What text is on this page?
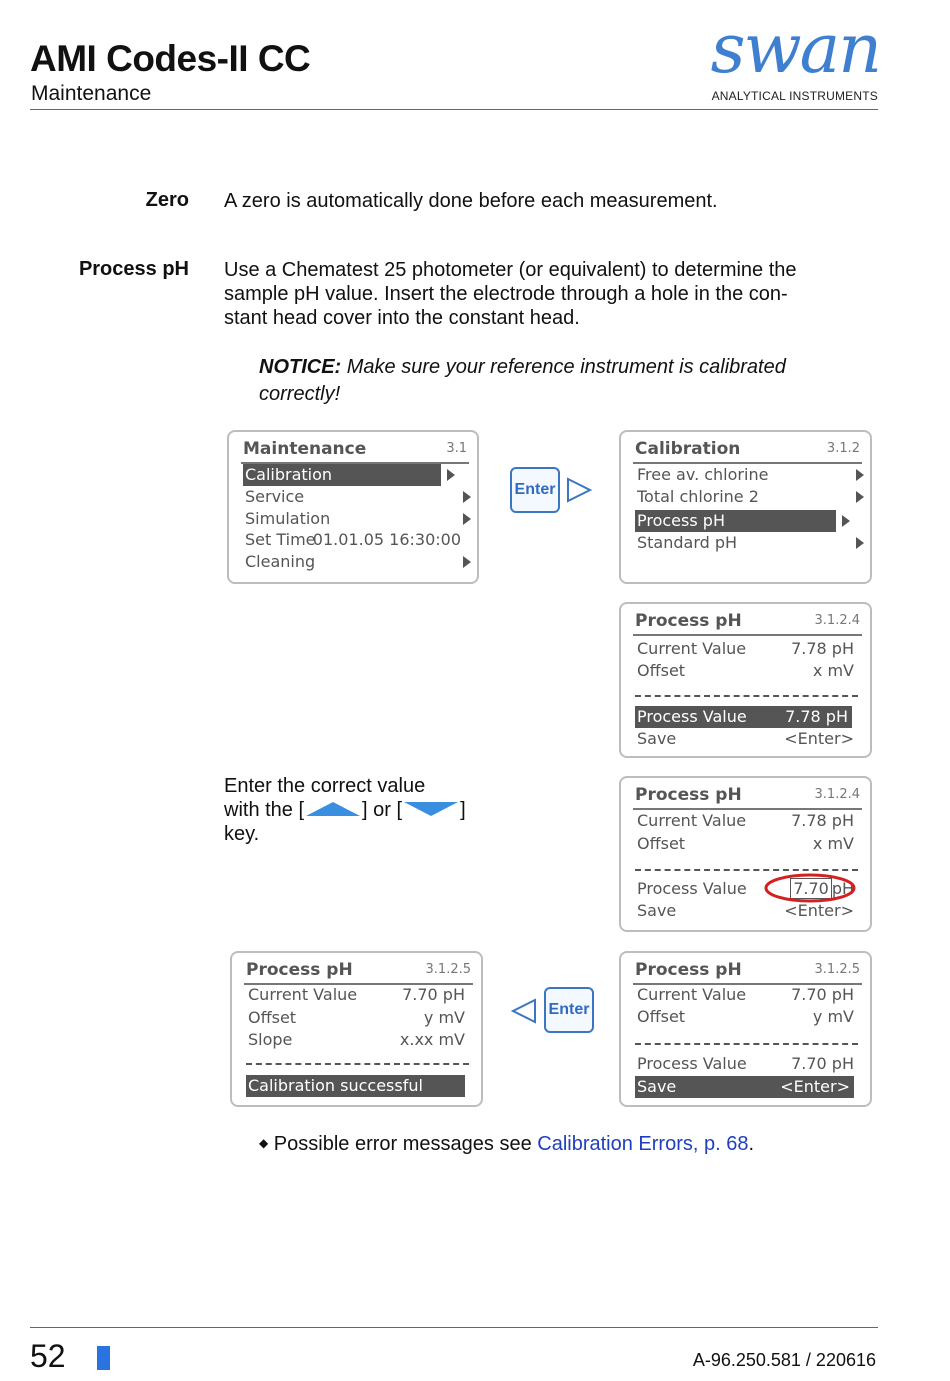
AMI Codes-II CC
Maintenance
swan
ANALYTICAL INSTRUMENTS
Zero A zero is automatically done before each measurement.
Process pH Use a Chematest 25 photometer (or equivalent) to determine the
sample pH value. Insert the electrode through a hole in the con-
stant head cover into the constant head.
NOTICE: Make sure your reference instrument is calibrated
correctly!
Maintenance	3.1
Calibration
Service
Simulation
Set Time
01.01.05 16:30:00
Cleaning
Enter
Calibration	3.1.2
Free av. chlorine
Total chlorine 2
Process pH
Standard pH
Process pH	3.1.2.4
Current Value	7.78 pH
Offset	x mV
Process Value 7.78 pH
Save	<Enter>
Enter the correct value
with the [	] or [	]
key.
Process pH	3.1.2.4
Current Value	7.78 pH
Offset	x mV
Process Value	7.70 pH
Save	<Enter>
Process pH	3.1.2.5
Current Value	7.70 pH
Offset	y mV
Slope	x.xx mV
Calibration successful
Enter
Process pH	3.1.2.5
Current Value	7.70 pH
Offset	y mV
Process Value	7.70 pH
Save	<Enter>
◆ Possible error messages see Calibration Errors, p. 68.
52	A-96.250.581 / 220616
